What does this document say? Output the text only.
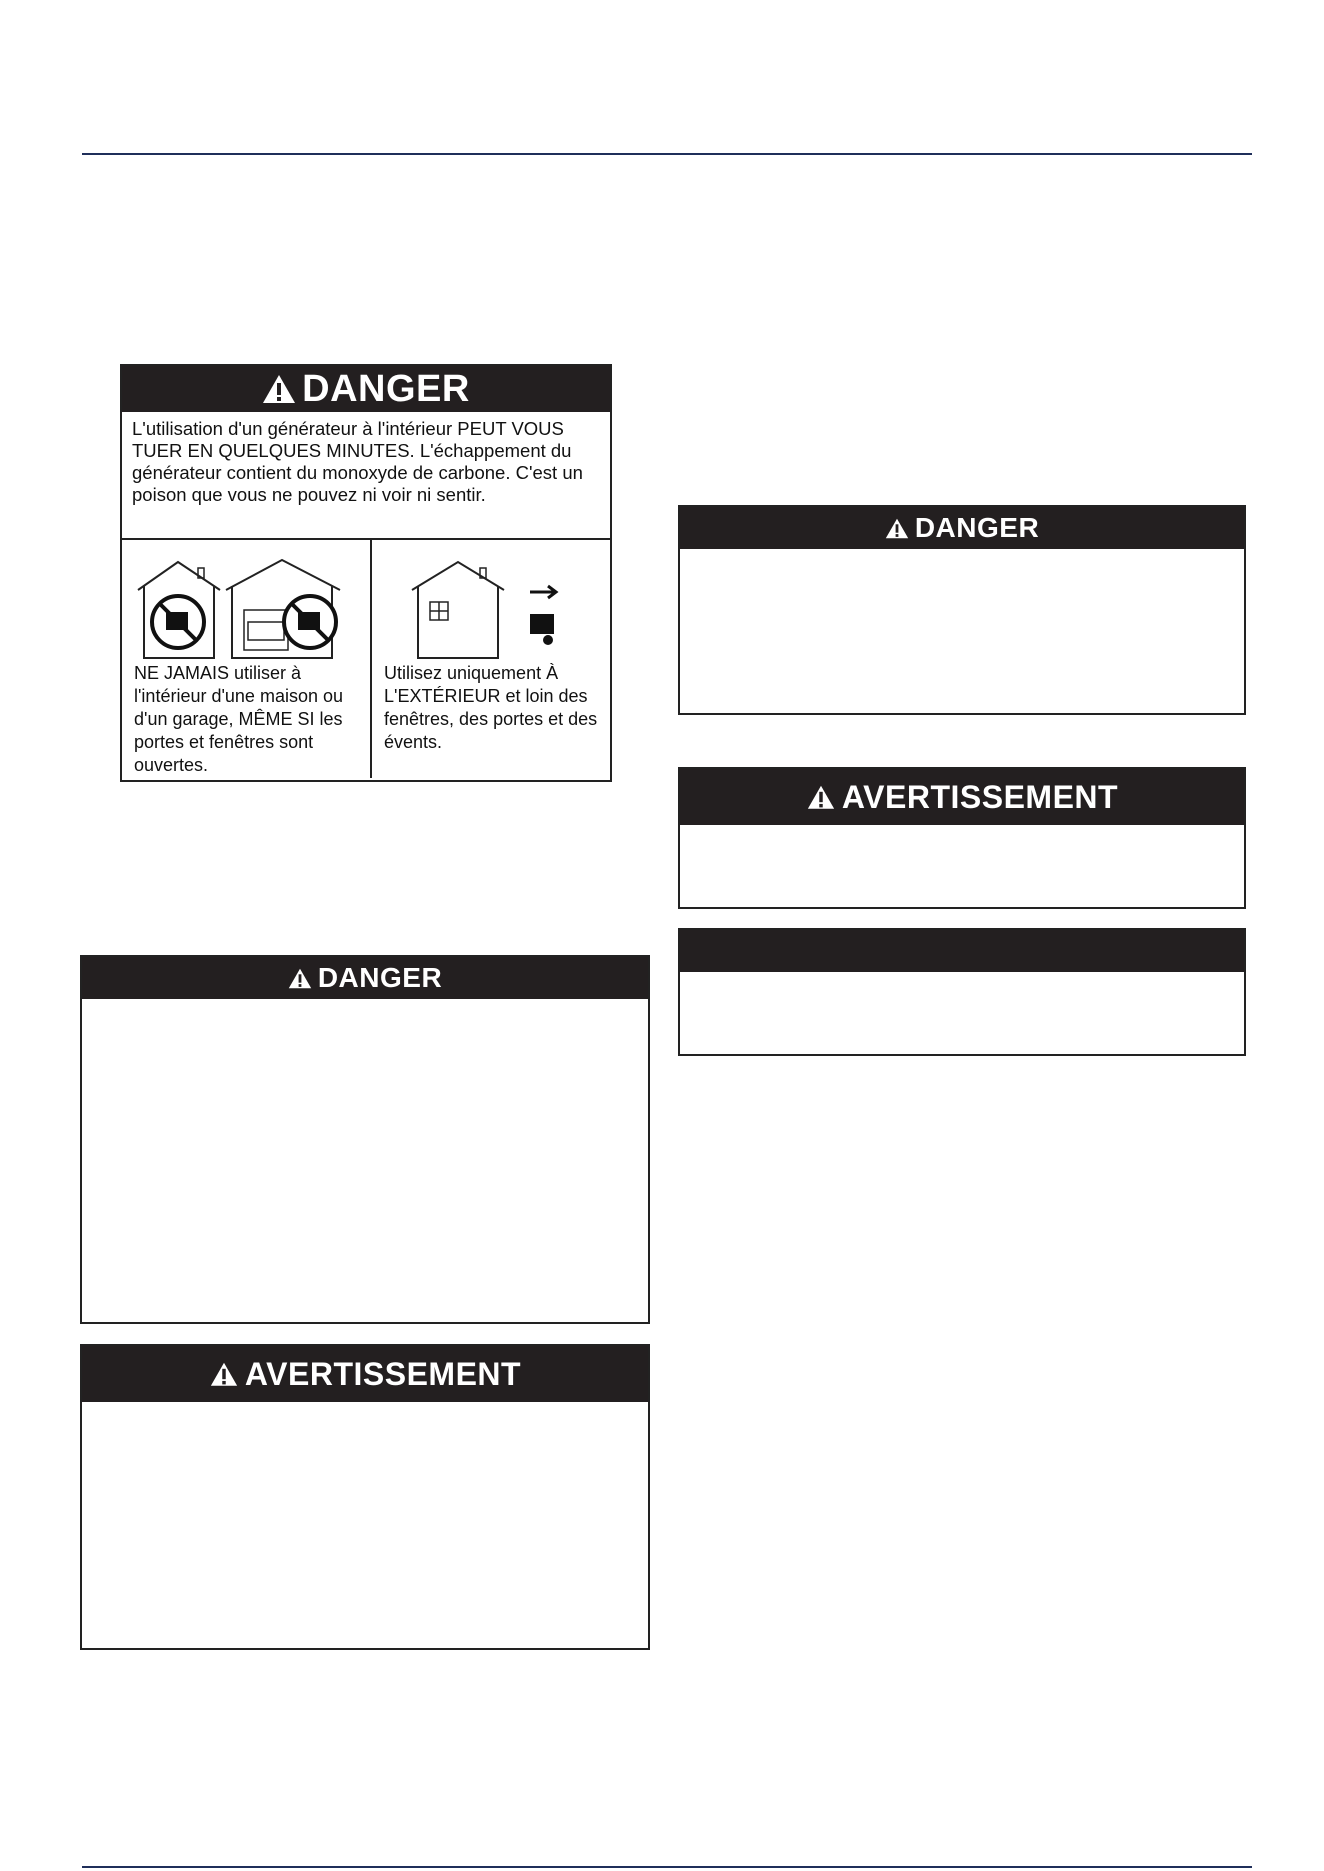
DANGER
L'utilisation d'un générateur à l'intérieur PEUT VOUS TUER EN QUELQUES MINUTES. L'échappement du générateur contient du monoxyde de carbone. C'est un poison que vous ne pouvez ni voir ni sentir.

NE JAMAIS utiliser à l'intérieur d'une maison ou d'un garage, MÊME SI les portes et fenêtres sont ouvertes.

Utilisez uniquement À L'EXTÉRIEUR et loin des fenêtres, des portes et des évents.

DANGER
AVERTISSEMENT
DANGER
AVERTISSEMENT
